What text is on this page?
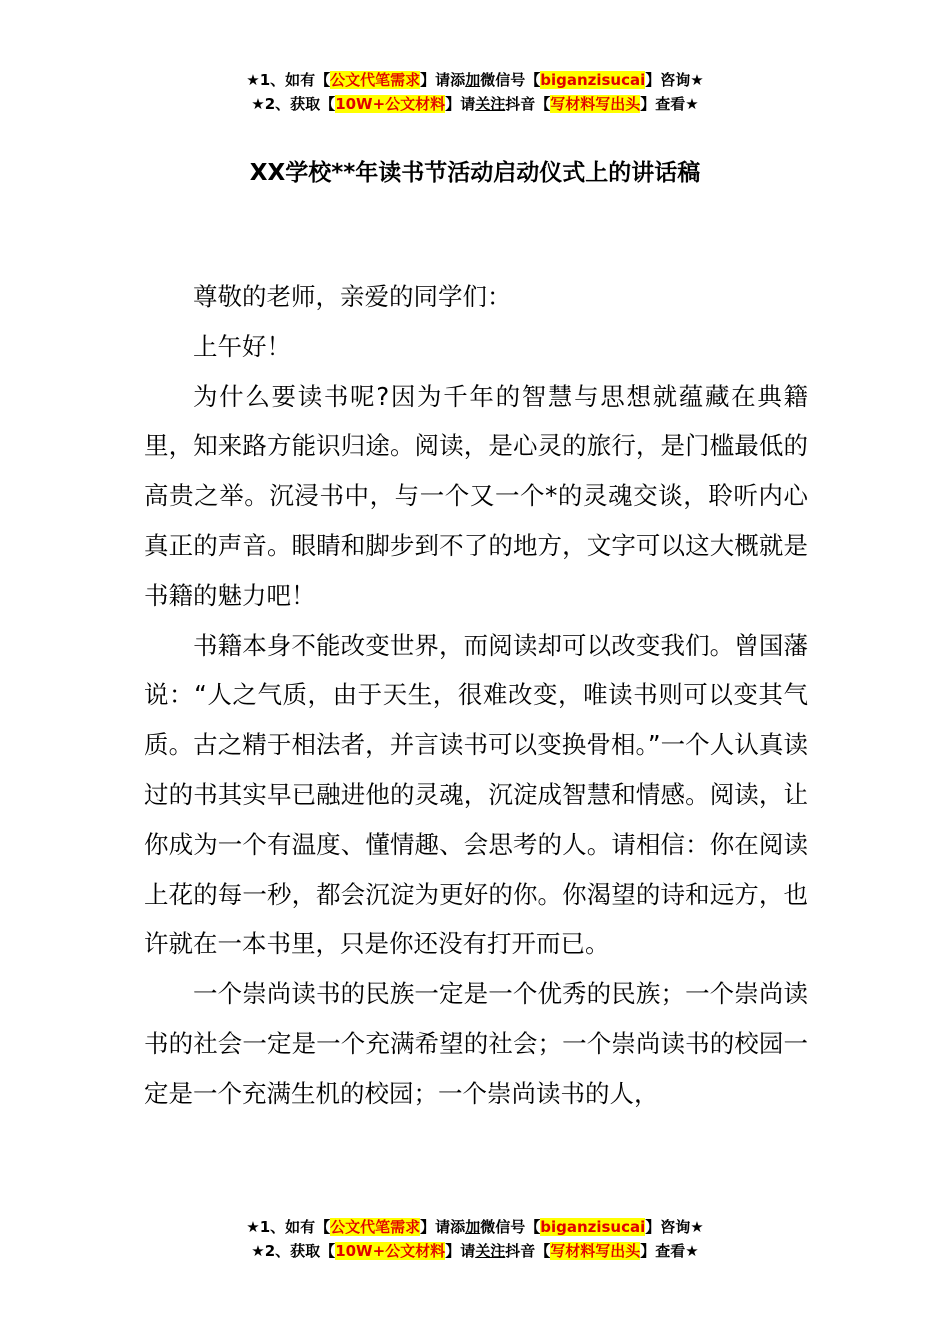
★1、如有【公文代笔需求】请添加微信号【biganzisucai】咨询★
★2、获取【10W+公文材料】请关注抖音【写材料写出头】查看★
XX学校**年读书节活动启动仪式上的讲话稿

尊敬的老师，亲爱的同学们：

上午好！

为什么要读书呢?因为千年的智慧与思想就蕴藏在典籍里，知来路方能识归途。阅读，是心灵的旅行，是门槛最低的高贵之举。沉浸书中，与一个又一个*的灵魂交谈，聆听内心真正的声音。眼睛和脚步到不了的地方，文字可以这大概就是书籍的魅力吧！

书籍本身不能改变世界，而阅读却可以改变我们。曾国藩说：“人之气质，由于天生，很难改变，唯读书则可以变其气质。古之精于相法者，并言读书可以变换骨相。”一个人认真读过的书其实早已融进他的灵魂，沉淀成智慧和情感。阅读，让你成为一个有温度、懂情趣、会思考的人。请相信：你在阅读上花的每一秒，都会沉淀为更好的你。你渴望的诗和远方，也许就在一本书里，只是你还没有打开而已。

一个崇尚读书的民族一定是一个优秀的民族；一个崇尚读书的社会一定是一个充满希望的社会；一个崇尚读书的校园一定是一个充满生机的校园；一个崇尚读书的人，

★1、如有【公文代笔需求】请添加微信号【biganzisucai】咨询★
★2、获取【10W+公文材料】请关注抖音【写材料写出头】查看★
